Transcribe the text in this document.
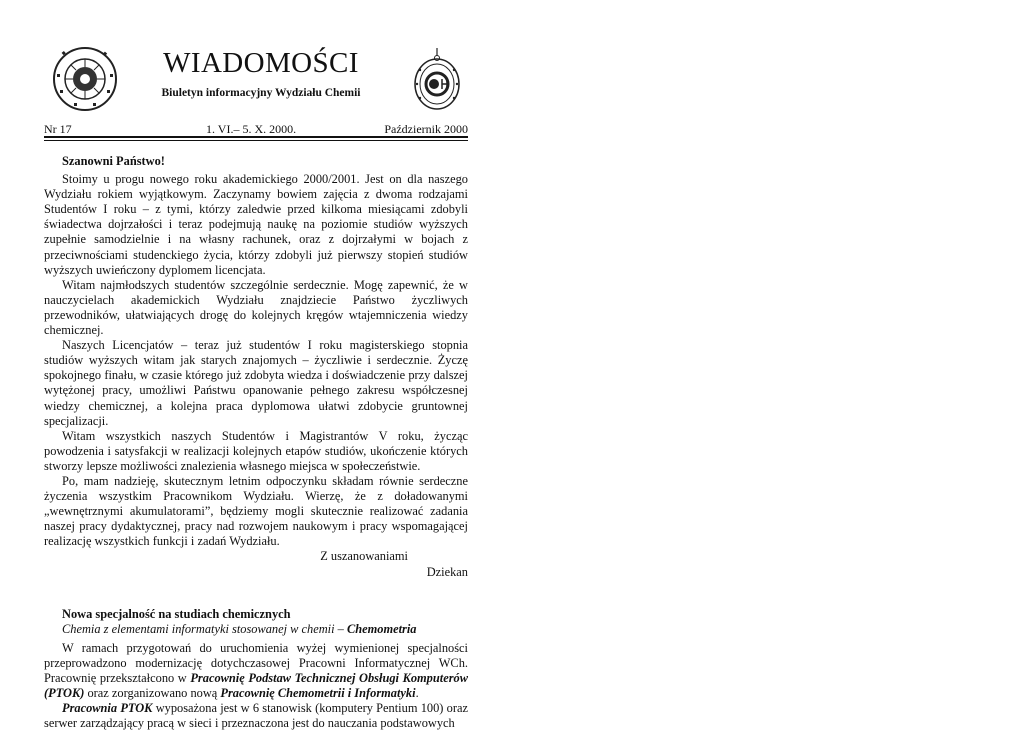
WIADOMOŚCI
Biuletyn informacyjny Wydziału Chemii
Nr 17	1. VI.– 5. X. 2000.	Październik 2000
Szanowni Państwo!

Stoimy u progu nowego roku akademickiego 2000/2001. Jest on dla naszego Wydziału rokiem wyjątkowym. Zaczynamy bowiem zajęcia z dwoma rodzajami Studentów I roku – z tymi, którzy zaledwie przed kilkoma miesiącami zdobyli świadectwa dojrzałości i teraz podejmują naukę na poziomie studiów wyższych zupełnie samodzielnie i na własny rachunek, oraz z dojrzałymi w bojach z przeciwnościami studenckiego życia, którzy zdobyli już pierwszy stopień studiów wyższych uwieńczony dyplomem licencjata.

Witam najmłodszych studentów szczególnie serdecznie. Mogę zapewnić, że w nauczycielach akademickich Wydziału znajdziecie Państwo życzliwych przewodników, ułatwiających drogę do kolejnych kręgów wtajemniczenia wiedzy chemicznej.

Naszych Licencjatów – teraz już studentów I roku magisterskiego stopnia studiów wyższych witam jak starych znajomych – życzliwie i serdecznie. Życzę spokojnego finału, w czasie którego już zdobyta wiedza i doświadczenie przy dalszej wytężonej pracy, umożliwi Państwu opanowanie pełnego zakresu współczesnej wiedzy chemicznej, a kolejna praca dyplomowa ułatwi zdobycie gruntownej specjalizacji.

Witam wszystkich naszych Studentów i Magistrantów V roku, życząc powodzenia i satysfakcji w realizacji kolejnych etapów studiów, ukończenie których stworzy lepsze możliwości znalezienia własnego miejsca w społeczeństwie.

Po, mam nadzieję, skutecznym letnim odpoczynku składam równie serdeczne życzenia wszystkim Pracownikom Wydziału. Wierzę, że z doładowanymi „wewnętrznymi akumulatorami”, będziemy mogli skutecznie realizować zadania naszej pracy dydaktycznej, pracy nad rozwojem naukowym i pracy wspomagającej realizację wszystkich funkcji i zadań Wydziału.

Z uszanowaniami
Dziekan
Nowa specjalność na studiach chemicznych
Chemia z elementami informatyki stosowanej w chemii – Chemometria

W ramach przygotowań do uruchomienia wyżej wymienionej specjalności przeprowadzono modernizację dotychczasowej Pracowni Informatycznej WCh. Pracownię przekształcono w Pracownię Podstaw Technicznej Obsługi Komputerów (PTOK) oraz zorganizowano nową Pracownię Chemometrii i Informatyki.

Pracownia PTOK wyposażona jest w 6 stanowisk (komputery Pentium 100) oraz serwer zarządzający pracą w sieci i przeznaczona jest do nauczania podstawowych
